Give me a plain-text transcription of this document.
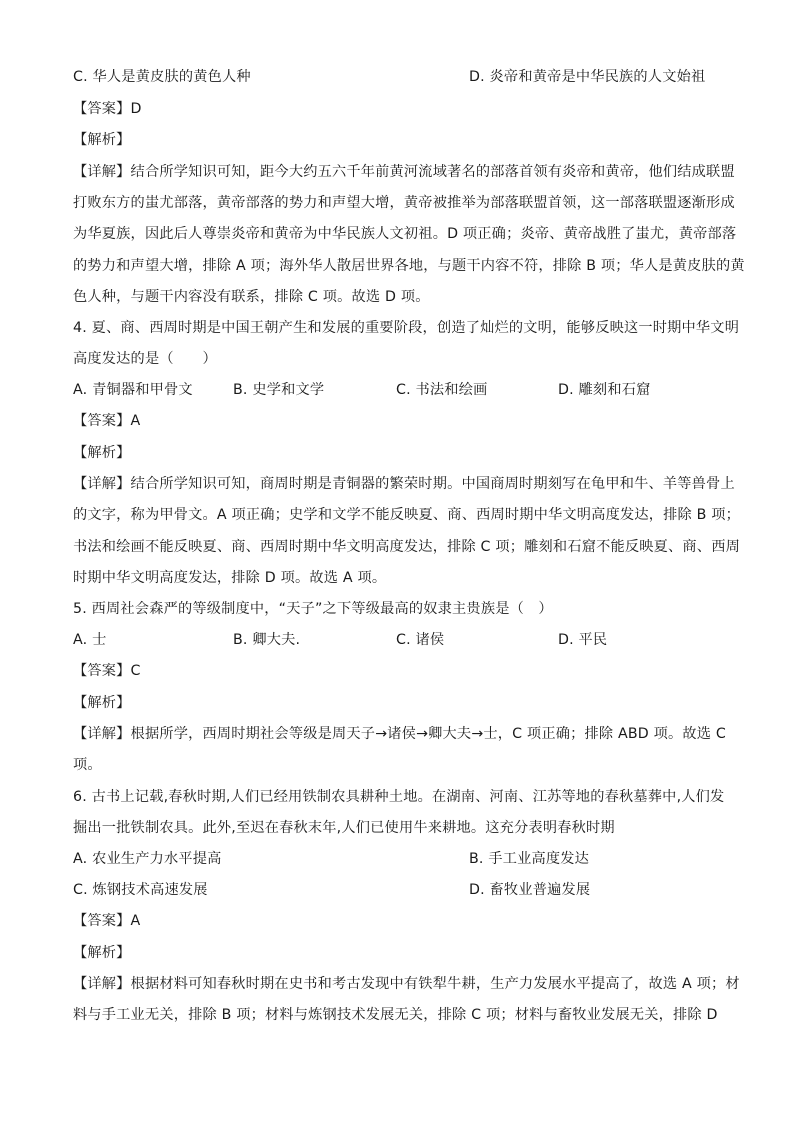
C. 华人是黄皮肤的黄色人种	D. 炎帝和黄帝是中华民族的人文始祖
【答案】D
【解析】
【详解】结合所学知识可知，距今大约五六千年前黄河流域著名的部落首领有炎帝和黄帝，他们结成联盟
打败东方的蚩尤部落，黄帝部落的势力和声望大增，黄帝被推举为部落联盟首领，这一部落联盟逐渐形成
为华夏族，因此后人尊崇炎帝和黄帝为中华民族人文初祖。D 项正确；炎帝、黄帝战胜了蚩尤，黄帝部落
的势力和声望大增，排除 A 项；海外华人散居世界各地，与题干内容不符，排除 B 项；华人是黄皮肤的黄
色人种，与题干内容没有联系，排除 C 项。故选 D 项。
4. 夏、商、西周时期是中国王朝产生和发展的重要阶段，创造了灿烂的文明，能够反映这一时期中华文明
高度发达的是（　　）
A. 青铜器和甲骨文	B. 史学和文学	C. 书法和绘画	D. 雕刻和石窟
【答案】A
【解析】
【详解】结合所学知识可知，商周时期是青铜器的繁荣时期。中国商周时期刻写在龟甲和牛、羊等兽骨上
的文字，称为甲骨文。A 项正确；史学和文学不能反映夏、商、西周时期中华文明高度发达，排除 B 项；
书法和绘画不能反映夏、商、西周时期中华文明高度发达，排除 C 项；雕刻和石窟不能反映夏、商、西周
时期中华文明高度发达，排除 D 项。故选 A 项。
5. 西周社会森严的等级制度中，“天子”之下等级最高的奴隶主贵族是（　）
A. 士	B. 卿大夫.	C. 诸侯	D. 平民
【答案】C
【解析】
【详解】根据所学，西周时期社会等级是周天子→诸侯→卿大夫→士，C 项正确；排除 ABD 项。故选 C
项。
6. 古书上记载,春秋时期,人们已经用铁制农具耕种土地。在湖南、河南、江苏等地的春秋墓葬中,人们发
掘出一批铁制农具。此外,至迟在春秋末年,人们已使用牛来耕地。这充分表明春秋时期
A. 农业生产力水平提高	B. 手工业高度发达
C. 炼钢技术高速发展	D. 畜牧业普遍发展
【答案】A
【解析】
【详解】根据材料可知春秋时期在史书和考古发现中有铁犁牛耕，生产力发展水平提高了，故选 A 项；材
料与手工业无关，排除 B 项；材料与炼钢技术发展无关，排除 C 项；材料与畜牧业发展无关，排除 D
